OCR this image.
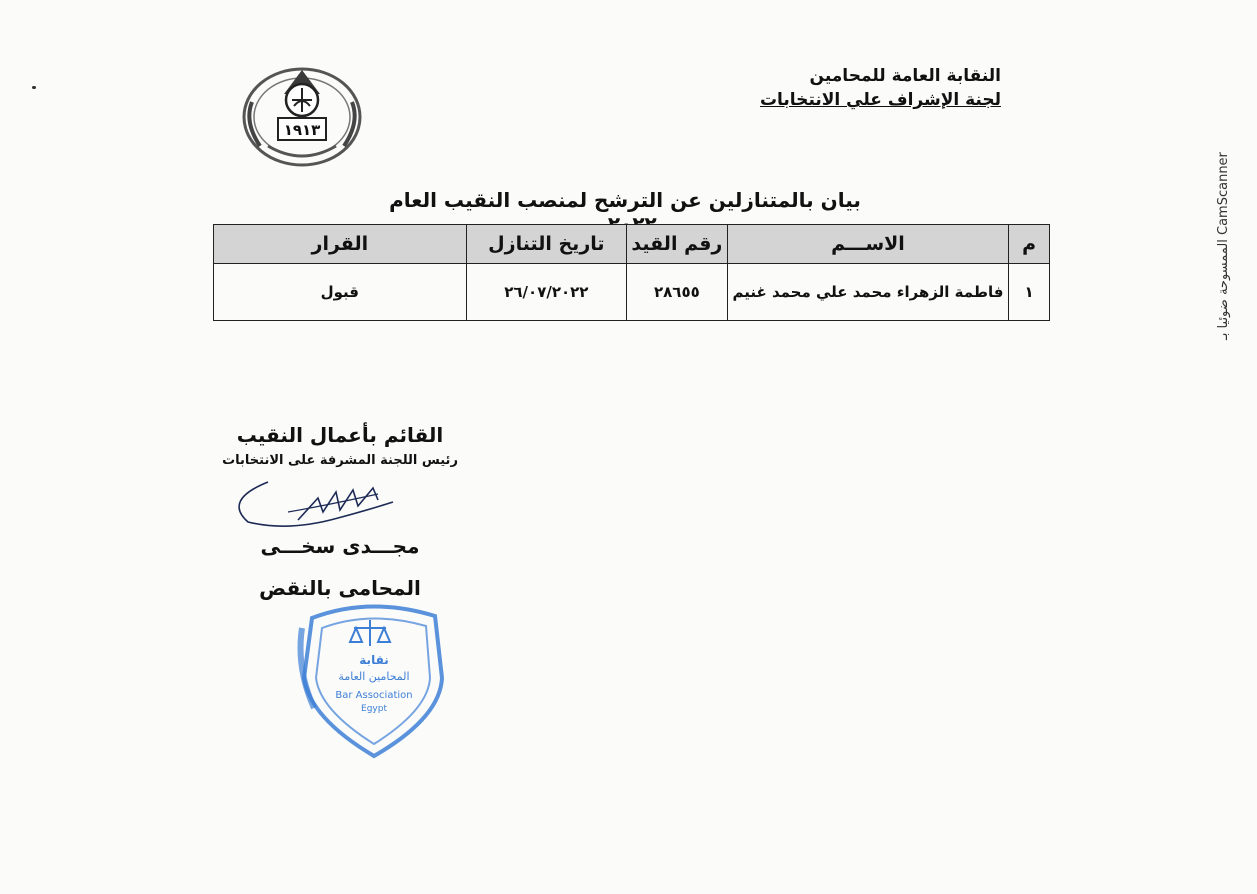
النقابة العامة للمحامين
لجنة الإشراف علي الانتخابات
١٩١٣
الممسوحة ضوئيا بـ CamScanner
بيان بالمتنازلين عن الترشح لمنصب النقيب العام
م	الاســـم	رقم القيد	تاريخ التنازل	القرار
١	فاطمة الزهراء محمد علي محمد غنيم	٢٨٦٥٥	٢٦/٠٧/٢٠٢٢	قبول
القائم بأعمال النقيب
رئيس اللجنة المشرفة على الانتخابات
مجـــدى سخـــى
المحامى بالنقض
نقابة
المحامين العامة
Bar Association
Egypt
